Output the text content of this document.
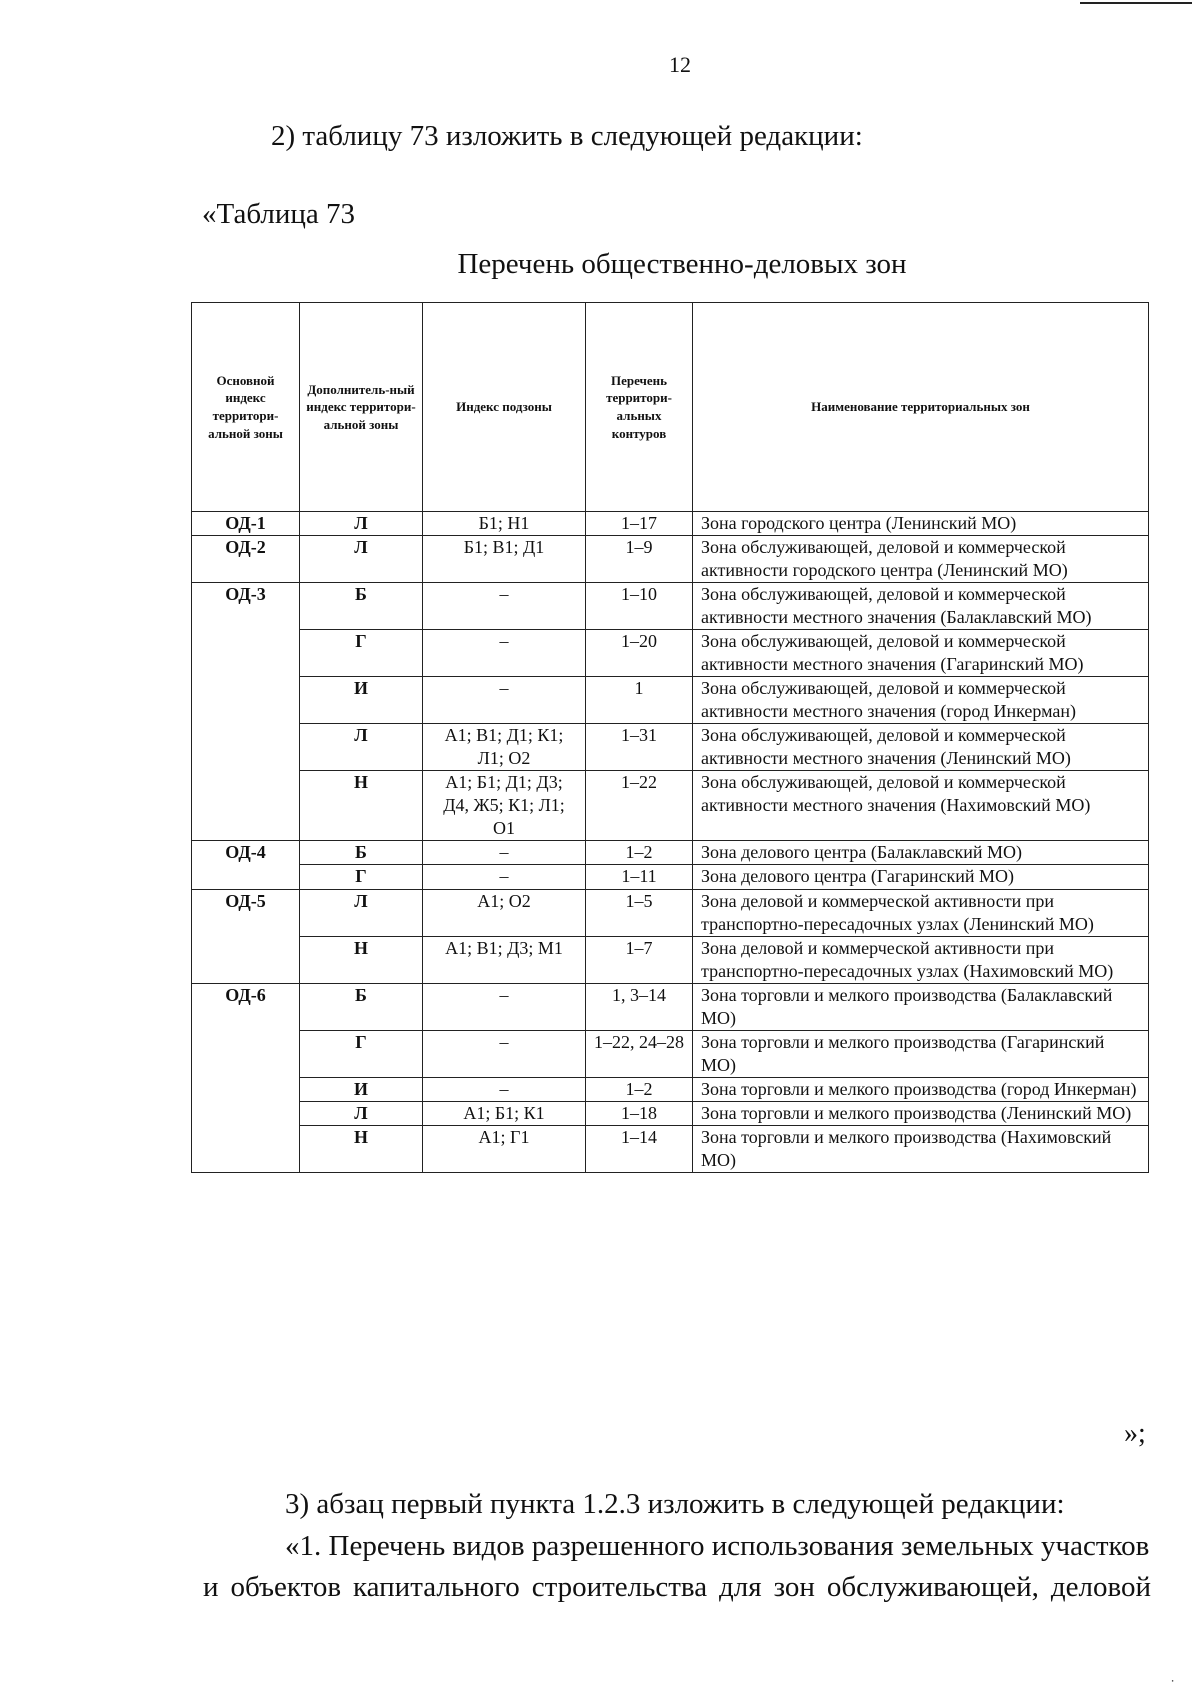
12
2) таблицу 73 изложить в следующей редакции:
«Таблица 73
Перечень общественно-деловых зон
Основной индекс территори-альной зоны	Дополнитель-ный индекс территори-альной зоны	Индекс подзоны	Перечень территори-альных контуров	Наименование территориальных зон
ОД-1	Л	Б1; Н1	1–17	Зона городского центра (Ленинский МО)
ОД-2	Л	Б1; В1; Д1	1–9	Зона обслуживающей, деловой и коммерческой активности городского центра (Ленинский МО)
ОД-3	Б	–	1–10	Зона обслуживающей, деловой и коммерческой активности местного значения (Балаклавский МО)
	Г	–	1–20	Зона обслуживающей, деловой и коммерческой активности местного значения (Гагаринский МО)
	И	–	1	Зона обслуживающей, деловой и коммерческой активности местного значения (город Инкерман)
	Л	А1; В1; Д1; К1; Л1; О2	1–31	Зона обслуживающей, деловой и коммерческой активности местного значения (Ленинский МО)
	Н	А1; Б1; Д1; Д3; Д4, Ж5; К1; Л1; О1	1–22	Зона обслуживающей, деловой и коммерческой активности местного значения (Нахимовский МО)
ОД-4	Б	–	1–2	Зона делового центра (Балаклавский МО)
	Г	–	1–11	Зона делового центра (Гагаринский МО)
ОД-5	Л	А1; О2	1–5	Зона деловой и коммерческой активности при транспортно-пересадочных узлах (Ленинский МО)
	Н	А1; В1; Д3; М1	1–7	Зона деловой и коммерческой активности при транспортно-пересадочных узлах (Нахимовский МО)
ОД-6	Б	–	1, 3–14	Зона торговли и мелкого производства (Балаклавский МО)
	Г	–	1–22, 24–28	Зона торговли и мелкого производства (Гагаринский МО)
	И	–	1–2	Зона торговли и мелкого производства (город Инкерман)
	Л	А1; Б1; К1	1–18	Зона торговли и мелкого производства (Ленинский МО)
	Н	А1; Г1	1–14	Зона торговли и мелкого производства (Нахимовский МО)
»;
3) абзац первый пункта 1.2.3 изложить в следующей редакции:
«1. Перечень видов разрешенного использования земельных участков
и объектов капитального строительства для зон обслуживающей, деловой
⸱
